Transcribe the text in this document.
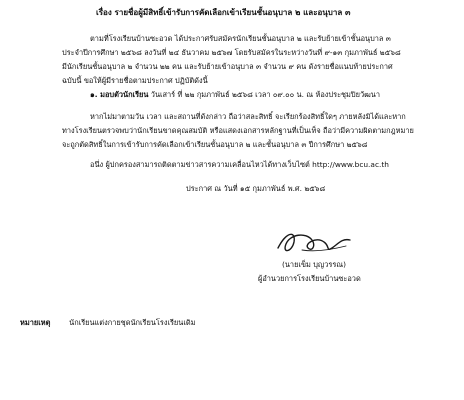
เรื่อง รายชื่อผู้มีสิทธิ์เข้ารับการคัดเลือกเข้าเรียนชั้นอนุบาล ๒ และอนุบาล ๓
ตามที่โรงเรียนบ้านซะอวด ได้ประกาศรับสมัครนักเรียนชั้นอนุบาล ๒ และรับย้ายเข้าชั้นอนุบาล ๓
ประจำปีการศึกษา ๒๕๖๘ ลงวันที่ ๒๔ ธันวาคม ๒๕๖๗ โดยรับสมัครในระหว่างวันที่ ๙-๑๓ กุมภาพันธ์ ๒๕๖๘
มีนักเรียนชั้นอนุบาล ๒ จำนวน ๒๒ คน และรับย้ายเข้าอนุบาล ๓ จำนวน ๙ คน ดังรายชื่อแนบท้ายประกาศ
ฉบับนี้ ขอให้ผู้มีรายชื่อตามประกาศ ปฏิบัติดังนี้
๑. มอบตัวนักเรียน วันเสาร์ ที่ ๒๒ กุมภาพันธ์ ๒๕๖๘ เวลา ๐๙.๐๐ น. ณ ห้องประชุมปิยวัฒนา
หากไม่มาตามวัน เวลา และสถานที่ดังกล่าว ถือว่าสละสิทธิ์ จะเรียกร้องสิทธิ์ใดๆ ภายหลังมิได้และหาก
ทางโรงเรียนตรวจพบว่านักเรียนขาดคุณสมบัติ หรือแสดงเอกสารหลักฐานที่เป็นเท็จ ถือว่ามีความผิดตามกฎหมาย
จะถูกตัดสิทธิ์ในการเข้ารับการคัดเลือกเข้าเรียนชั้นอนุบาล ๒ และชั้นอนุบาล ๓ ปีการศึกษา ๒๕๖๘
อนึ่ง ผู้ปกครองสามารถติดตามข่าวสารความเคลื่อนไหวได้ทางเว็บไซต์ http://www.bcu.ac.th
ประกาศ ณ วันที่ ๑๕ กุมภาพันธ์ พ.ศ. ๒๕๖๘
(นายเข็ม บุญวรรณ)
ผู้อำนวยการโรงเรียนบ้านซะอวด
หมายเหตุ	นักเรียนแต่งกายชุดนักเรียนโรงเรียนเดิม
